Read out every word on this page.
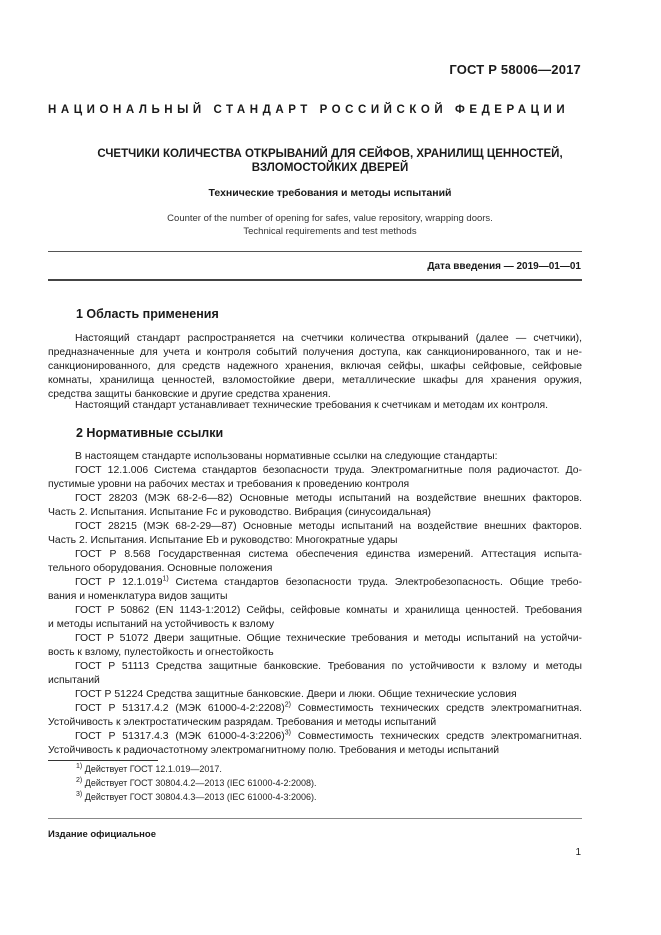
ГОСТ Р 58006—2017
НАЦИОНАЛЬНЫЙ СТАНДАРТ РОССИЙСКОЙ ФЕДЕРАЦИИ
СЧЕТЧИКИ КОЛИЧЕСТВА ОТКРЫВАНИЙ ДЛЯ СЕЙФОВ, ХРАНИЛИЩ ЦЕННОСТЕЙ,
ВЗЛОМОСТОЙКИХ ДВЕРЕЙ
Технические требования и методы испытаний
Counter of the number of opening for safes, value repository, wrapping doors.
Technical requirements and test methods
Дата введения — 2019—01—01
1 Область применения
Настоящий стандарт распространяется на счетчики количества открываний (далее — счетчики),
предназначенные для учета и контроля событий получения доступа, как санкционированного, так и не-
санкционированного, для средств надежного хранения, включая сейфы, шкафы сейфовые, сейфовые
комнаты, хранилища ценностей, взломостойкие двери, металлические шкафы для хранения оружия,
средства защиты банковские и другие средства хранения.
Настоящий стандарт устанавливает технические требования к счетчикам и методам их контроля.
2 Нормативные ссылки
В настоящем стандарте использованы нормативные ссылки на следующие стандарты:
ГОСТ 12.1.006 Система стандартов безопасности труда. Электромагнитные поля радиочастот. До-
пустимые уровни на рабочих местах и требования к проведению контроля
ГОСТ 28203 (МЭК 68-2-6—82) Основные методы испытаний на воздействие внешних факторов.
Часть 2. Испытания. Испытание Fc и руководство. Вибрация (синусоидальная)
ГОСТ 28215 (МЭК 68-2-29—87) Основные методы испытаний на воздействие внешних факторов.
Часть 2. Испытания. Испытание Eb и руководство: Многократные удары
ГОСТ Р 8.568 Государственная система обеспечения единства измерений. Аттестация испыта-
тельного оборудования. Основные положения
ГОСТ Р 12.1.019$^{1)}$ Система стандартов безопасности труда. Электробезопасность. Общие требо-
вания и номенклатура видов защиты
ГОСТ Р 50862 (EN 1143-1:2012) Сейфы, сейфовые комнаты и хранилища ценностей. Требования
и методы испытаний на устойчивость к взлому
ГОСТ Р 51072 Двери защитные. Общие технические требования и методы испытаний на устойчи-
вость к взлому, пулестойкость и огнестойкость
ГОСТ Р 51113 Средства защитные банковские. Требования по устойчивости к взлому и методы
испытаний
ГОСТ Р 51224 Средства защитные банковские. Двери и люки. Общие технические условия
ГОСТ Р 51317.4.2 (МЭК 61000-4-2:2208)$^{2)}$ Совместимость технических средств электромагнитная.
Устойчивость к электростатическим разрядам. Требования и методы испытаний
ГОСТ Р 51317.4.3 (МЭК 61000-4-3:2206)$^{3)}$ Совместимость технических средств электромагнитная.
Устойчивость к радиочастотному электромагнитному полю. Требования и методы испытаний
$^{1)}$ Действует ГОСТ 12.1.019—2017.
$^{2)}$ Действует ГОСТ 30804.4.2—2013 (IEC 61000-4-2:2008).
$^{3)}$ Действует ГОСТ 30804.4.3—2013 (IEC 61000-4-3:2006).
Издание официальное
1
